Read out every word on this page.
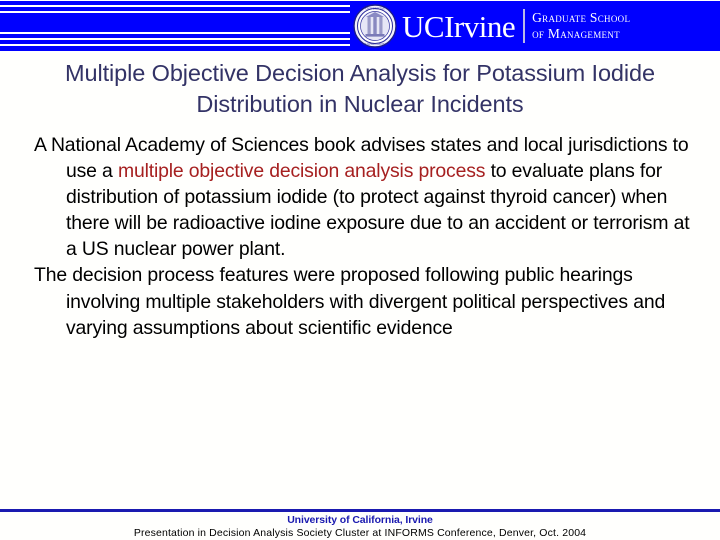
UNIVERSITAS
CALIFORNIENSIS
UCIrvine Graduate School
of Management
Multiple Objective Decision Analysis for Potassium Iodide Distribution in Nuclear Incidents

A National Academy of Sciences book advises states and local jurisdictions to use a multiple objective decision analysis process to evaluate plans for distribution of potassium iodide (to protect against thyroid cancer) when there will be radioactive iodine exposure due to an accident or terrorism at a US nuclear power plant.

The decision process features were proposed following public hearings involving multiple stakeholders with divergent political perspectives and varying assumptions about scientific evidence

University of California, Irvine
Presentation in Decision Analysis Society Cluster at INFORMS Conference, Denver, Oct. 2004
